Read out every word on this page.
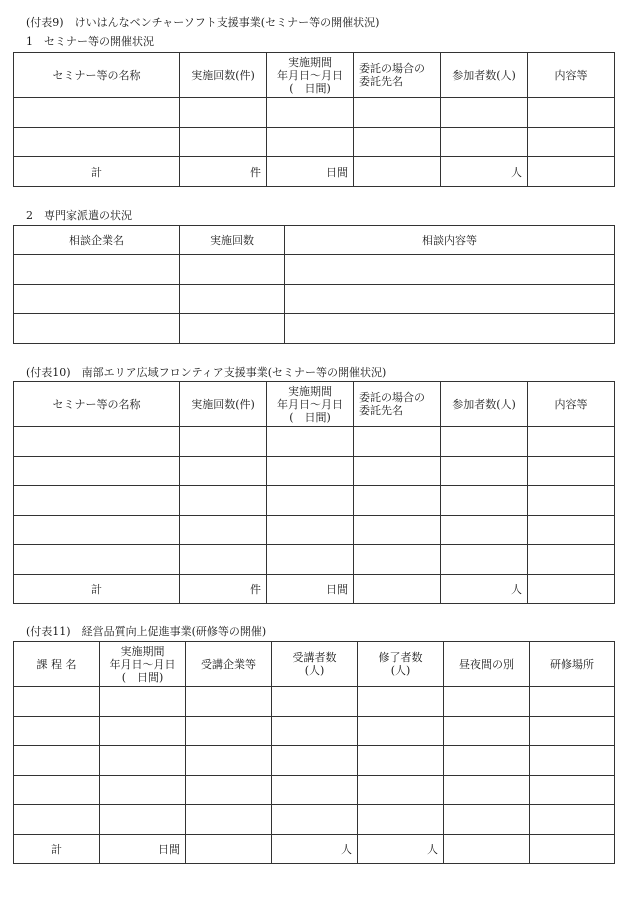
(付表9)　けいはんなベンチャーソフト支援事業(セミナー等の開催状況)

1　セミナー等の開催状況

セミナー等の名称	実施回数(件)	実施期間
年月日～月日
(　日間)	委託の場合の
委託先名	参加者数(人)	内容等

計	件	日間		人	

2　専門家派遣の状況

相談企業名	実施回数	相談内容等

(付表10)　南部エリア広域フロンティア支援事業(セミナー等の開催状況)
セミナー等の名称	実施回数(件)	実施期間
年月日～月日
(　日間)	委託の場合の
委託先名	参加者数(人)	内容等

計	件	日間		人	
(付表11)　経営品質向上促進事業(研修等の開催)
課 程 名	実施期間
年月日～月日
(　日間)	受講企業等	受講者数
(人)	修了者数
(人)	昼夜間の別	研修場所

計	日間		人	人		
